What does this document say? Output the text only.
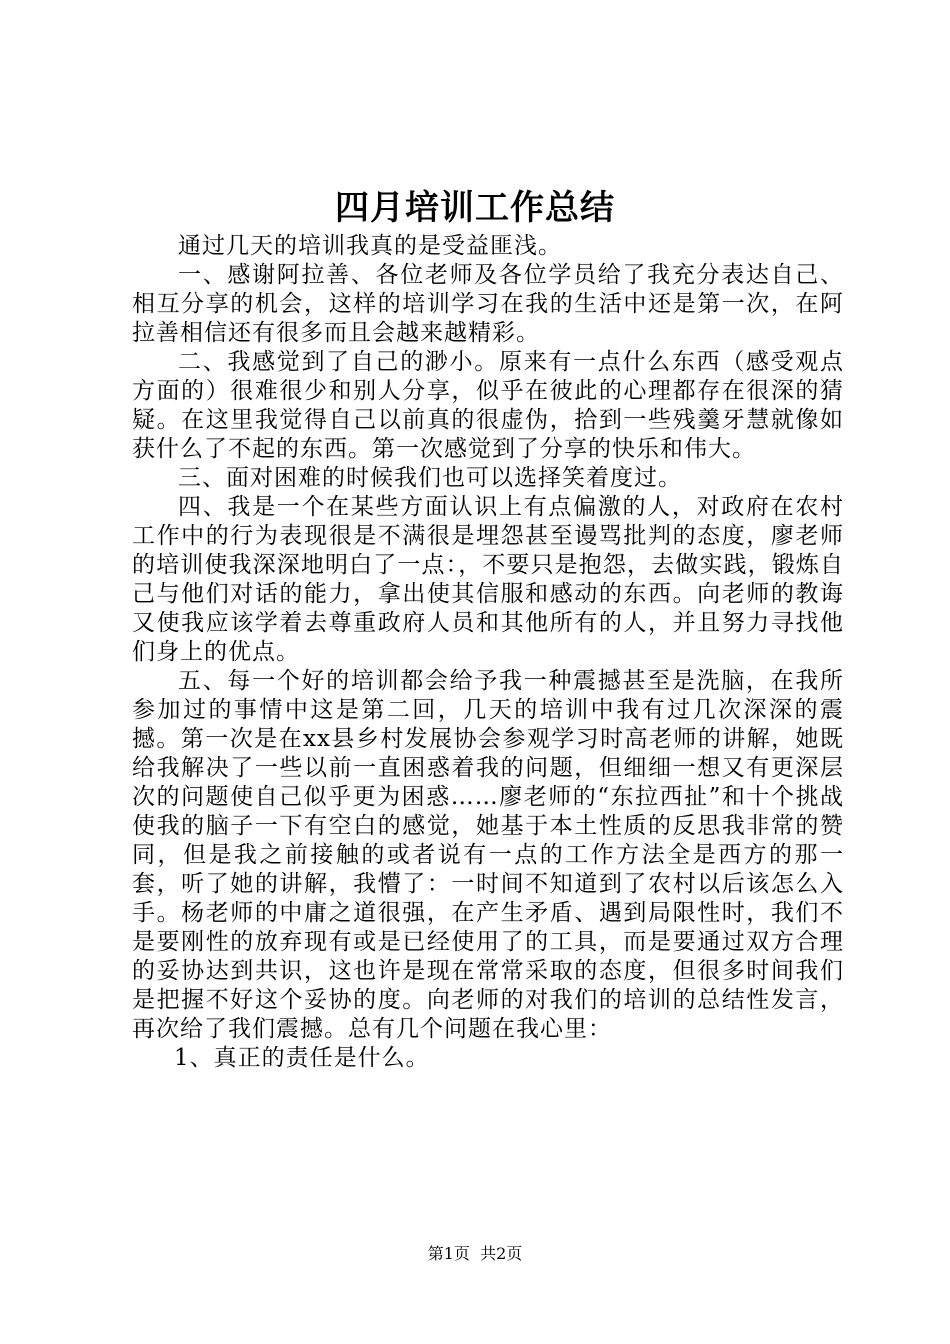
四月培训工作总结

通过几天的培训我真的是受益匪浅。

一、感谢阿拉善、各位老师及各位学员给了我充分表达自己、相互分享的机会，这样的培训学习在我的生活中还是第一次，在阿拉善相信还有很多而且会越来越精彩。

二、我感觉到了自己的渺小。原来有一点什么东西（感受观点方面的）很难很少和别人分享，似乎在彼此的心理都存在很深的猜疑。在这里我觉得自己以前真的很虚伪，拾到一些残羹牙慧就像如获什么了不起的东西。第一次感觉到了分享的快乐和伟大。

三、面对困难的时候我们也可以选择笑着度过。

四、我是一个在某些方面认识上有点偏激的人，对政府在农村工作中的行为表现很是不满很是埋怨甚至谩骂批判的态度，廖老师的培训使我深深地明白了一点：，不要只是抱怨，去做实践，锻炼自己与他们对话的能力，拿出使其信服和感动的东西。向老师的教诲又使我应该学着去尊重政府人员和其他所有的人，并且努力寻找他们身上的优点。

五、每一个好的培训都会给予我一种震撼甚至是洗脑，在我所参加过的事情中这是第二回，几天的培训中我有过几次深深的震撼。第一次是在xx县乡村发展协会参观学习时高老师的讲解，她既给我解决了一些以前一直困惑着我的问题，但细细一想又有更深层次的问题使自己似乎更为困惑……廖老师的“东拉西扯”和十个挑战使我的脑子一下有空白的感觉，她基于本土性质的反思我非常的赞同，但是我之前接触的或者说有一点的工作方法全是西方的那一套，听了她的讲解，我懵了：一时间不知道到了农村以后该怎么入手。杨老师的中庸之道很强，在产生矛盾、遇到局限性时，我们不是要刚性的放弃现有或是已经使用了的工具，而是要通过双方合理的妥协达到共识，这也许是现在常常采取的态度，但很多时间我们是把握不好这个妥协的度。向老师的对我们的培训的总结性发言，再次给了我们震撼。总有几个问题在我心里：

1、真正的责任是什么。

第1页 共2页
